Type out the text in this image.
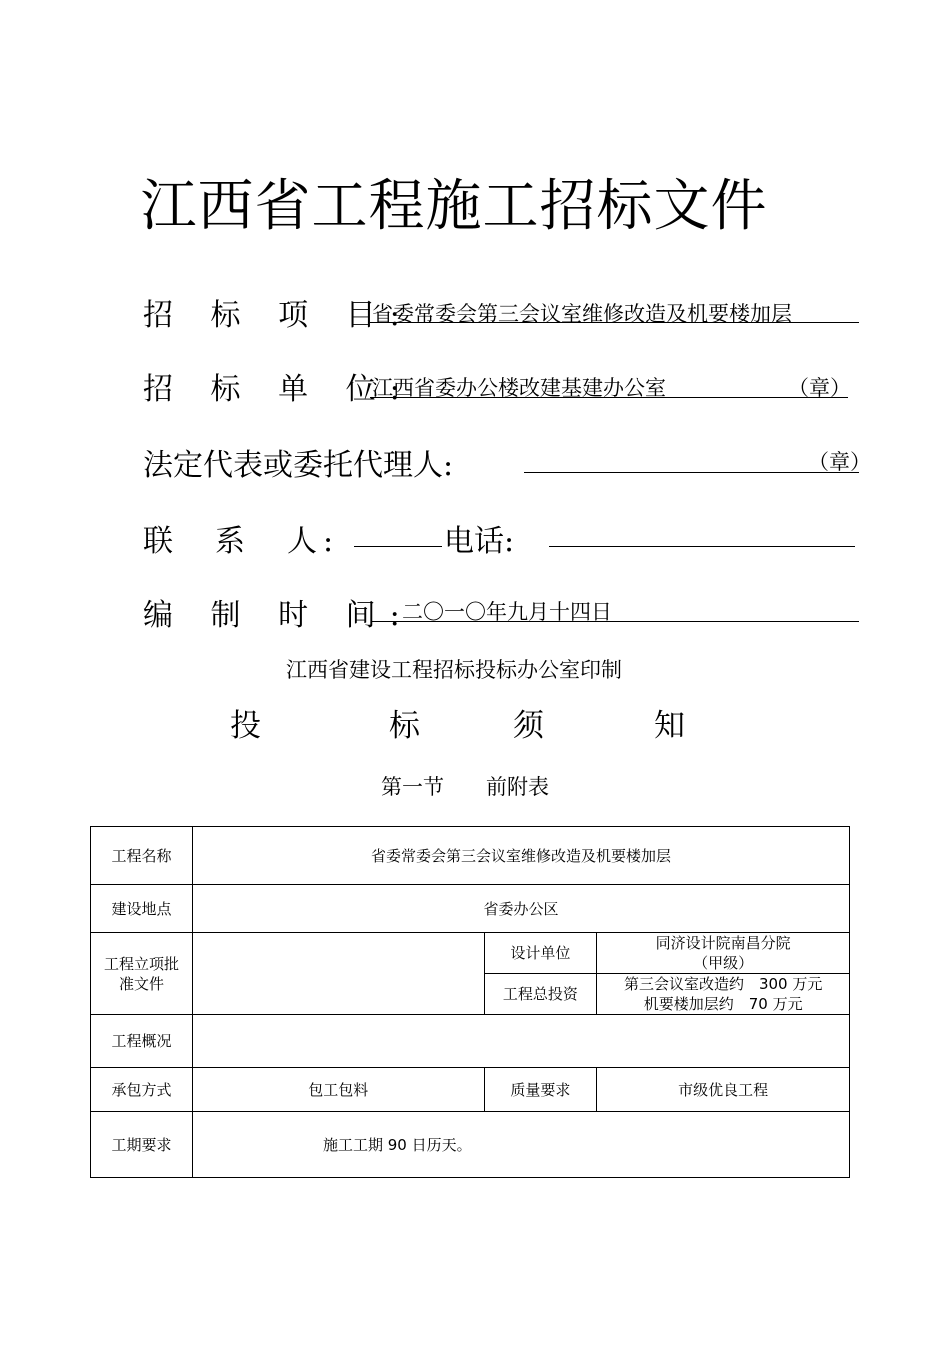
江西省工程施工招标文件
招 标 项 目:
省委常委会第三会议室维修改造及机要楼加层
招 标 单 位:
江西省委办公楼改建基建办公室	（章）
法定代表或委托代理人:	（章）
联　系　人:	电话:
编 制 时 间:
二〇一〇年九月十四日
江西省建设工程招标投标办公室印制
投	标	须	知
第一节　　前附表
工程名称	省委常委会第三会议室维修改造及机要楼加层		
建设地点	省委办公区		
工程立项批准文件		设计单位	同济设计院南昌分院
（甲级）

		工程总投资	第三会议室改造约　300 万元
机要楼加层约　70 万元

工程概况			
承包方式	包工包料	质量要求	市级优良工程
工期要求	施工工期 90 日历天。		
